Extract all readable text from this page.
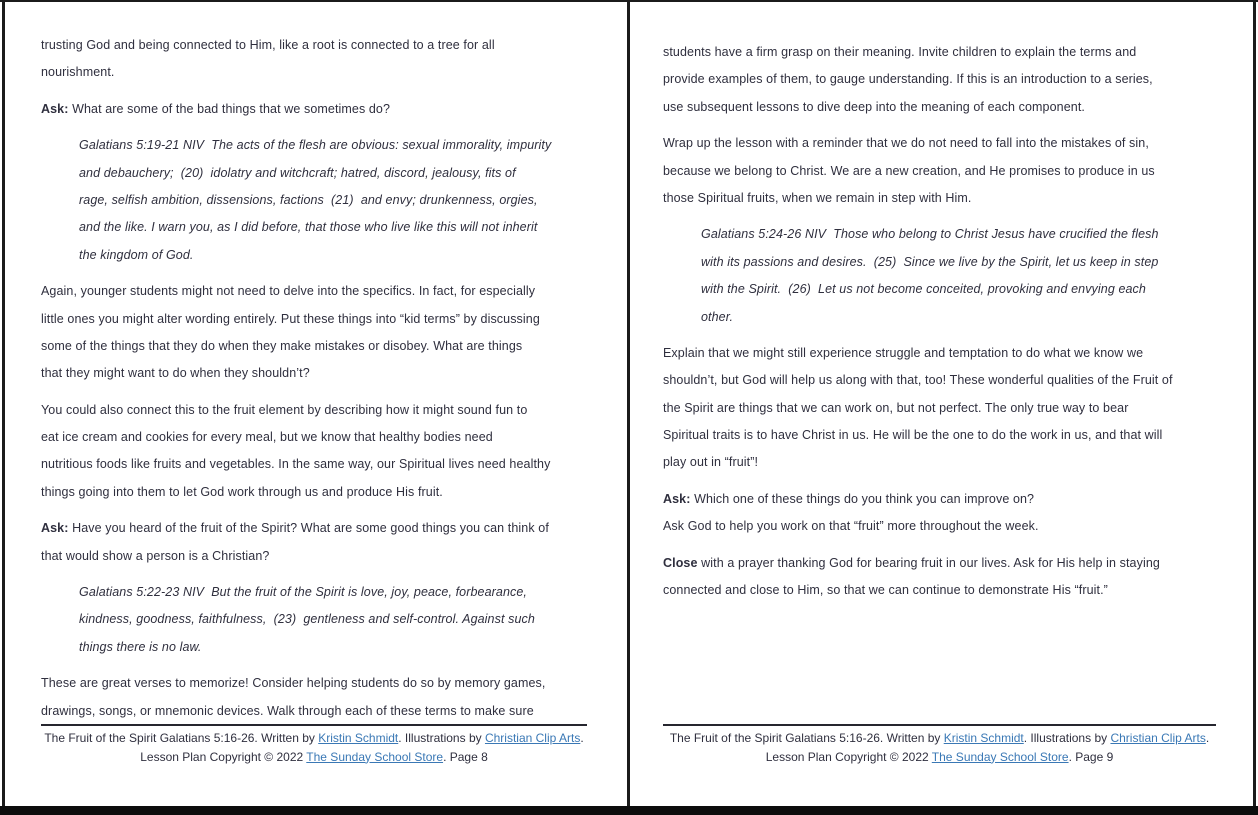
trusting God and being connected to Him, like a root is connected to a tree for all
nourishment.
Ask: What are some of the bad things that we sometimes do?
Galatians 5:19-21 NIV  The acts of the flesh are obvious: sexual immorality, impurity
and debauchery;  (20)  idolatry and witchcraft; hatred, discord, jealousy, fits of
rage, selfish ambition, dissensions, factions  (21)  and envy; drunkenness, orgies,
and the like. I warn you, as I did before, that those who live like this will not inherit
the kingdom of God.
Again, younger students might not need to delve into the specifics. In fact, for especially
little ones you might alter wording entirely. Put these things into “kid terms” by discussing
some of the things that they do when they make mistakes or disobey. What are things
that they might want to do when they shouldn’t?
You could also connect this to the fruit element by describing how it might sound fun to
eat ice cream and cookies for every meal, but we know that healthy bodies need
nutritious foods like fruits and vegetables. In the same way, our Spiritual lives need healthy
things going into them to let God work through us and produce His fruit.
Ask: Have you heard of the fruit of the Spirit? What are some good things you can think of
that would show a person is a Christian?
Galatians 5:22-23 NIV  But the fruit of the Spirit is love, joy, peace, forbearance,
kindness, goodness, faithfulness,  (23)  gentleness and self-control. Against such
things there is no law.
These are great verses to memorize! Consider helping students do so by memory games,
drawings, songs, or mnemonic devices. Walk through each of these terms to make sure
The Fruit of the Spirit Galatians 5:16-26. Written by Kristin Schmidt. Illustrations by Christian Clip Arts.
Lesson Plan Copyright © 2022 The Sunday School Store. Page 8
students have a firm grasp on their meaning. Invite children to explain the terms and
provide examples of them, to gauge understanding. If this is an introduction to a series,
use subsequent lessons to dive deep into the meaning of each component.
Wrap up the lesson with a reminder that we do not need to fall into the mistakes of sin,
because we belong to Christ. We are a new creation, and He promises to produce in us
those Spiritual fruits, when we remain in step with Him.
Galatians 5:24-26 NIV  Those who belong to Christ Jesus have crucified the flesh
with its passions and desires.  (25)  Since we live by the Spirit, let us keep in step
with the Spirit.  (26)  Let us not become conceited, provoking and envying each
other.
Explain that we might still experience struggle and temptation to do what we know we
shouldn’t, but God will help us along with that, too! These wonderful qualities of the Fruit of
the Spirit are things that we can work on, but not perfect. The only true way to bear
Spiritual traits is to have Christ in us. He will be the one to do the work in us, and that will
play out in “fruit”!
Ask: Which one of these things do you think you can improve on?
Ask God to help you work on that “fruit” more throughout the week.
Close with a prayer thanking God for bearing fruit in our lives. Ask for His help in staying
connected and close to Him, so that we can continue to demonstrate His “fruit.”
The Fruit of the Spirit Galatians 5:16-26. Written by Kristin Schmidt. Illustrations by Christian Clip Arts.
Lesson Plan Copyright © 2022 The Sunday School Store. Page 9
